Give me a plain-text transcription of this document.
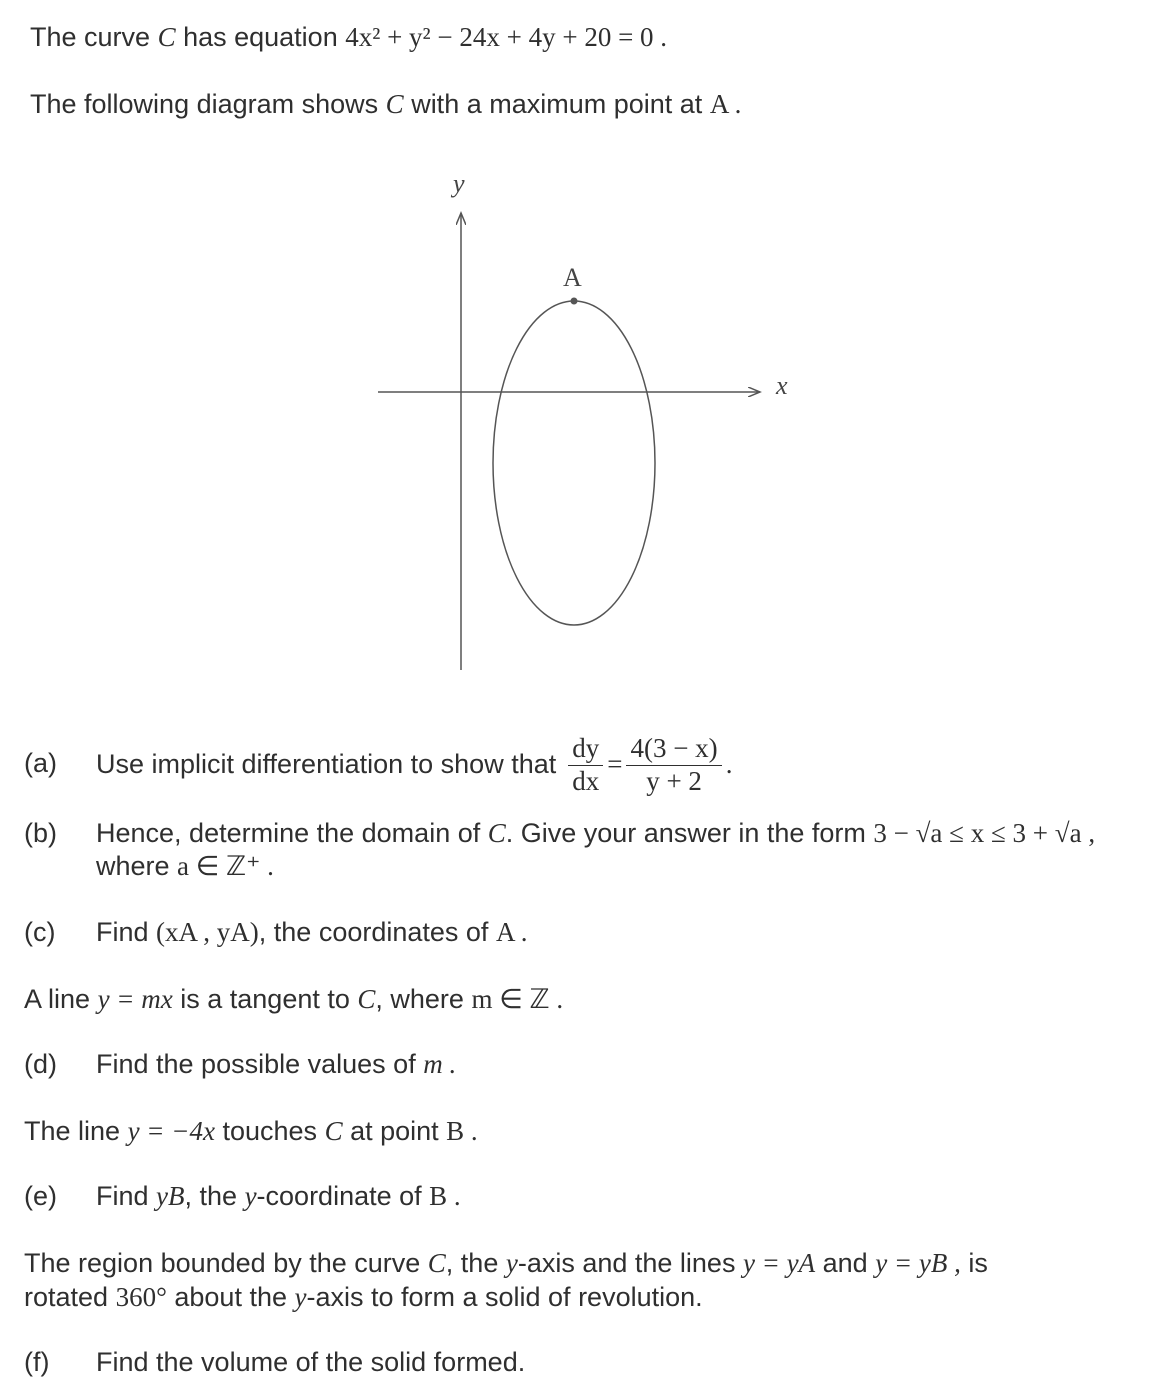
The curve C has equation 4x² + y² − 24x + 4y + 20 = 0 .
The following diagram shows C with a maximum point at A .
y
x
A
(a) Use implicit differentiation to show that $\frac{dy}{dx} = \frac{4(3 - x)}{y + 2}$ .
(b) Hence, determine the domain of C. Give your answer in the form 3 − √a ≤ x ≤ 3 + √a ,
where a ∈ ℤ⁺ .
(c) Find (xA , yA), the coordinates of A .
A line y = mx is a tangent to C, where m ∈ ℤ .
(d) Find the possible values of m .
The line y = −4x touches C at point B .
(e) Find yB, the y-coordinate of B .
The region bounded by the curve C, the y-axis and the lines y = yA and y = yB , is
rotated 360° about the y-axis to form a solid of revolution.
(f) Find the volume of the solid formed.
